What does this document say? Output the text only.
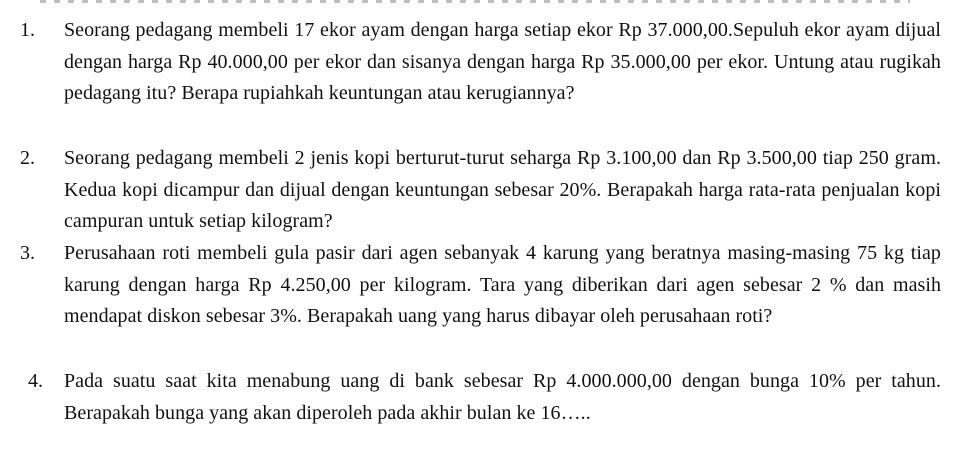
1.	Seorang pedagang membeli 17 ekor ayam dengan harga setiap ekor Rp 37.000,00.Sepuluh ekor ayam dijual dengan harga Rp 40.000,00 per ekor dan sisanya dengan harga Rp 35.000,00 per ekor. Untung atau rugikah pedagang itu? Berapa rupiahkah keuntungan atau kerugiannya?
2.	Seorang pedagang membeli 2 jenis kopi berturut-turut seharga Rp 3.100,00 dan Rp 3.500,00 tiap 250 gram. Kedua kopi dicampur dan dijual dengan keuntungan sebesar 20%. Berapakah harga rata-rata penjualan kopi campuran untuk setiap kilogram?
3.	Perusahaan roti membeli gula pasir dari agen sebanyak 4 karung yang beratnya masing-masing 75 kg tiap karung dengan harga Rp 4.250,00 per kilogram. Tara yang diberikan dari agen sebesar 2 % dan masih mendapat diskon sebesar 3%. Berapakah uang yang harus dibayar oleh perusahaan roti?
4.	Pada suatu saat kita menabung uang di bank sebesar Rp 4.000.000,00 dengan bunga 10% per tahun. Berapakah bunga yang akan diperoleh pada akhir bulan ke 16…..
